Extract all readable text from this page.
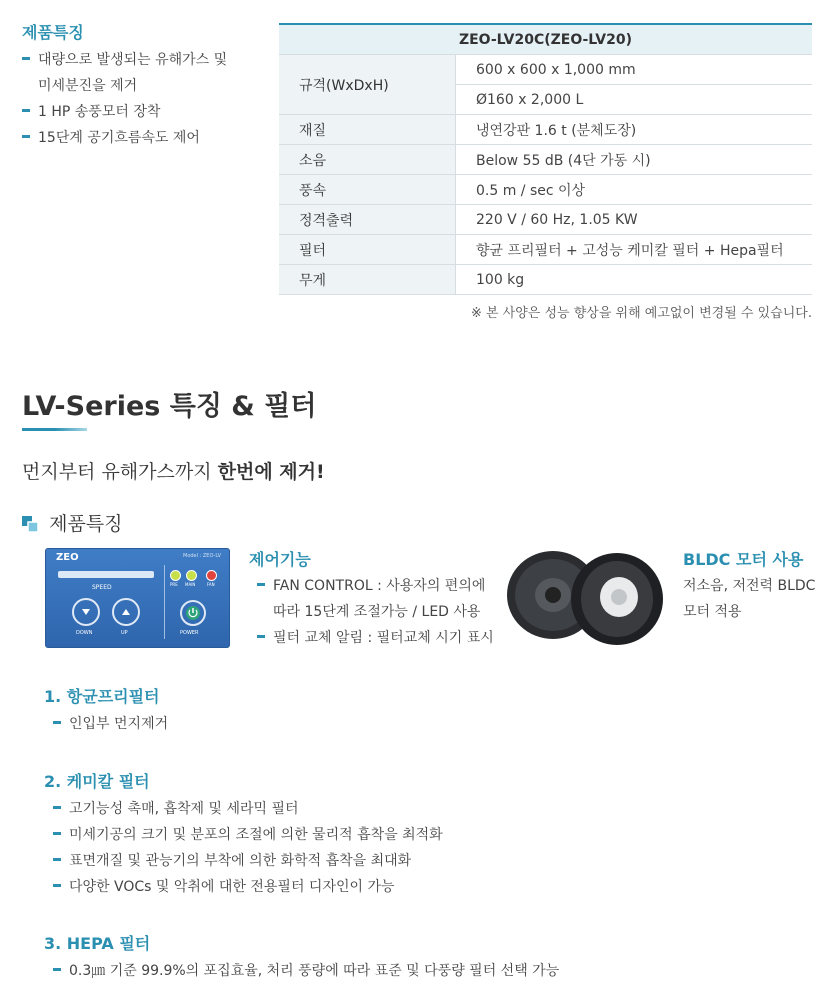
제품특징
대량으로 발생되는 유해가스 및
미세분진을 제거
1 HP 송풍모터 장착
15단계 공기흐름속도 제어
ZEO-LV20C(ZEO-LV20)	
규격(WxDxH)	600 x 600 x 1,000 mm
	Ø160 x 2,000 L
재질	냉연강판 1.6 t (분체도장)
소음	Below 55 dB (4단 가동 시)
풍속	0.5 m / sec 이상
정격출력	220 V / 60 Hz, 1.05 KW
필터	향균 프리필터 + 고성능 케미칼 필터 + Hepa필터
무게	100 kg
※ 본 사양은 성능 향상을 위해 예고없이 변경될 수 있습니다.
LV-Series 특징 & 필터
먼지부터 유해가스까지 한번에 제거!
제품특징
ZEO	Model : ZEO-LV
SPEED
DOWN	UP
PRE MAIN	FAN
POWER
제어기능
FAN CONTROL : 사용자의 편의에
따라 15단계 조절가능 / LED 사용
필터 교체 알림 : 필터교체 시기 표시
BLDC 모터 사용
저소음, 저전력 BLDC
모터 적용
1. 항균프리필터
인입부 먼지제거
2. 케미칼 필터
고기능성 촉매, 흡착제 및 세라믹 필터
미세기공의 크기 및 분포의 조절에 의한 물리적 흡착을 최적화
표면개질 및 관능기의 부착에 의한 화학적 흡착을 최대화
다양한 VOCs 및 악취에 대한 전용필터 디자인이 가능
3. HEPA 필터
0.3㎛ 기준 99.9%의 포집효율, 처리 풍량에 따라 표준 및 다풍량 필터 선택 가능
